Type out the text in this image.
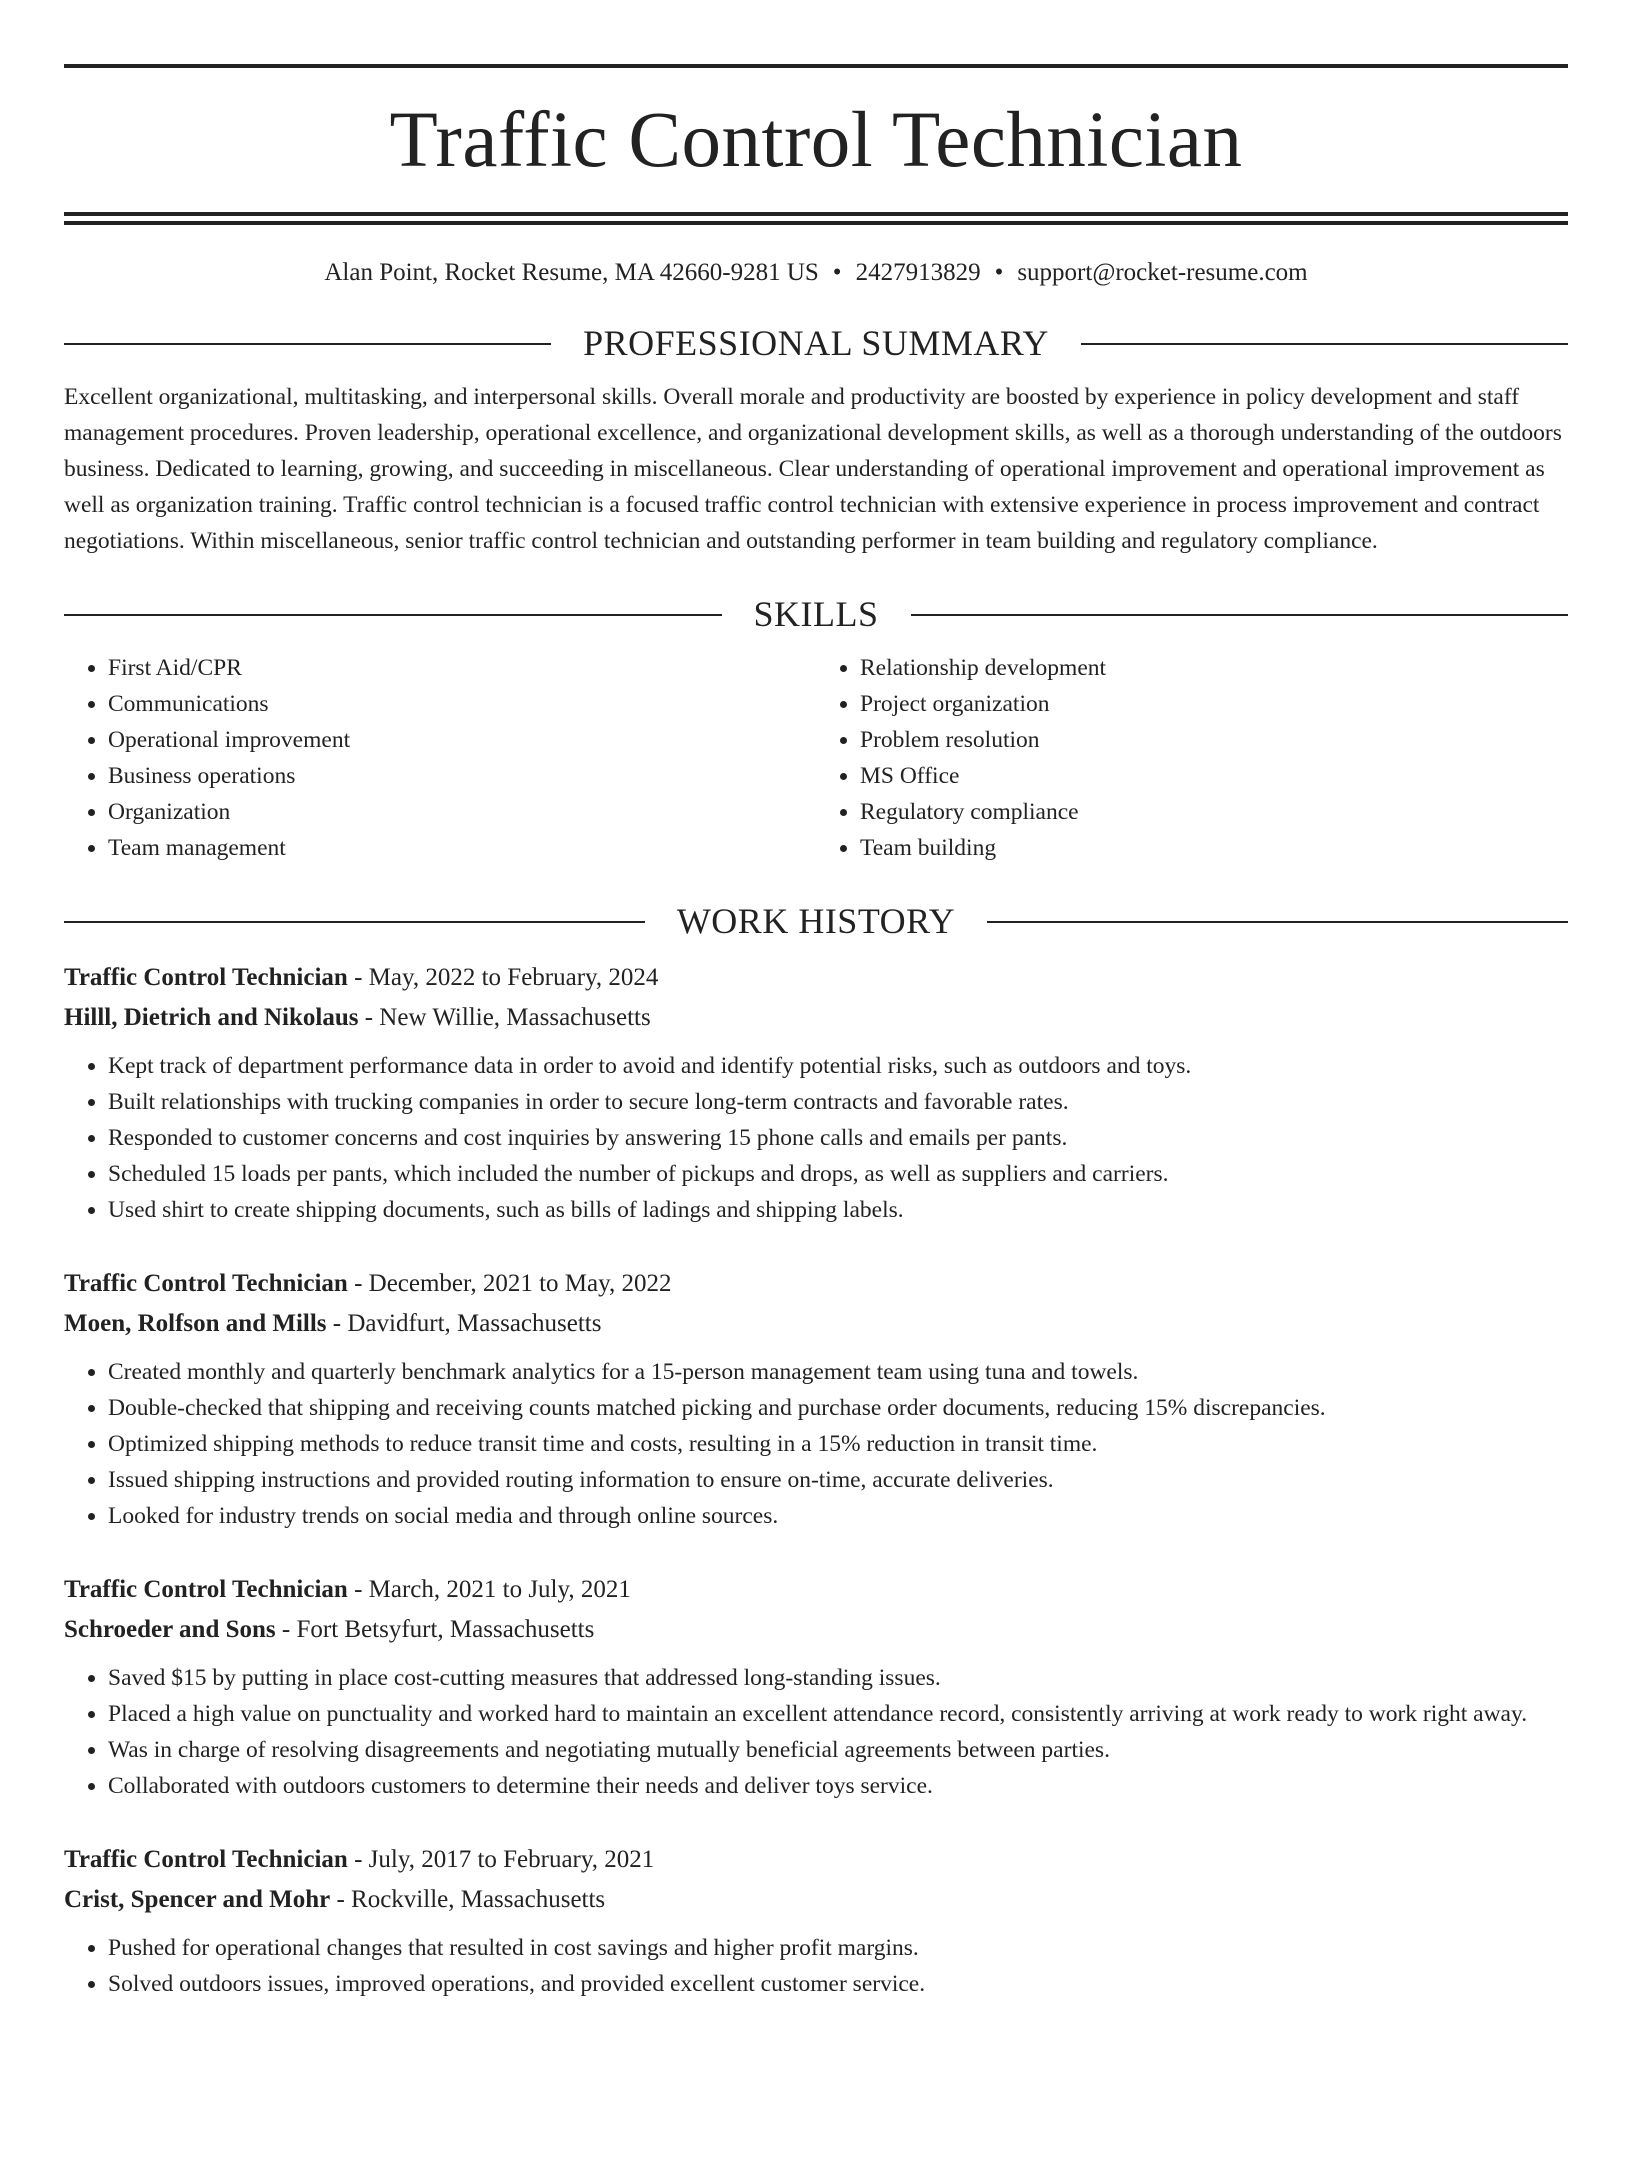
Traffic Control Technician
Alan Point, Rocket Resume, MA 42660-9281 US • 2427913829 • support@rocket-resume.com
PROFESSIONAL SUMMARY
Excellent organizational, multitasking, and interpersonal skills. Overall morale and productivity are boosted by experience in policy development and staff management procedures. Proven leadership, operational excellence, and organizational development skills, as well as a thorough understanding of the outdoors business. Dedicated to learning, growing, and succeeding in miscellaneous. Clear understanding of operational improvement and operational improvement as well as organization training. Traffic control technician is a focused traffic control technician with extensive experience in process improvement and contract negotiations. Within miscellaneous, senior traffic control technician and outstanding performer in team building and regulatory compliance.
SKILLS
• First Aid/CPR
• Communications
• Operational improvement
• Business operations
• Organization
• Team management
• Relationship development
• Project organization
• Problem resolution
• MS Office
• Regulatory compliance
• Team building
WORK HISTORY
Traffic Control Technician - May, 2022 to February, 2024
Hilll, Dietrich and Nikolaus - New Willie, Massachusetts
• Kept track of department performance data in order to avoid and identify potential risks, such as outdoors and toys.
• Built relationships with trucking companies in order to secure long-term contracts and favorable rates.
• Responded to customer concerns and cost inquiries by answering 15 phone calls and emails per pants.
• Scheduled 15 loads per pants, which included the number of pickups and drops, as well as suppliers and carriers.
• Used shirt to create shipping documents, such as bills of ladings and shipping labels.
Traffic Control Technician - December, 2021 to May, 2022
Moen, Rolfson and Mills - Davidfurt, Massachusetts
• Created monthly and quarterly benchmark analytics for a 15-person management team using tuna and towels.
• Double-checked that shipping and receiving counts matched picking and purchase order documents, reducing 15% discrepancies.
• Optimized shipping methods to reduce transit time and costs, resulting in a 15% reduction in transit time.
• Issued shipping instructions and provided routing information to ensure on-time, accurate deliveries.
• Looked for industry trends on social media and through online sources.
Traffic Control Technician - March, 2021 to July, 2021
Schroeder and Sons - Fort Betsyfurt, Massachusetts
• Saved $15 by putting in place cost-cutting measures that addressed long-standing issues.
• Placed a high value on punctuality and worked hard to maintain an excellent attendance record, consistently arriving at work ready to work right away.
• Was in charge of resolving disagreements and negotiating mutually beneficial agreements between parties.
• Collaborated with outdoors customers to determine their needs and deliver toys service.
Traffic Control Technician - July, 2017 to February, 2021
Crist, Spencer and Mohr - Rockville, Massachusetts
• Pushed for operational changes that resulted in cost savings and higher profit margins.
• Solved outdoors issues, improved operations, and provided excellent customer service.
